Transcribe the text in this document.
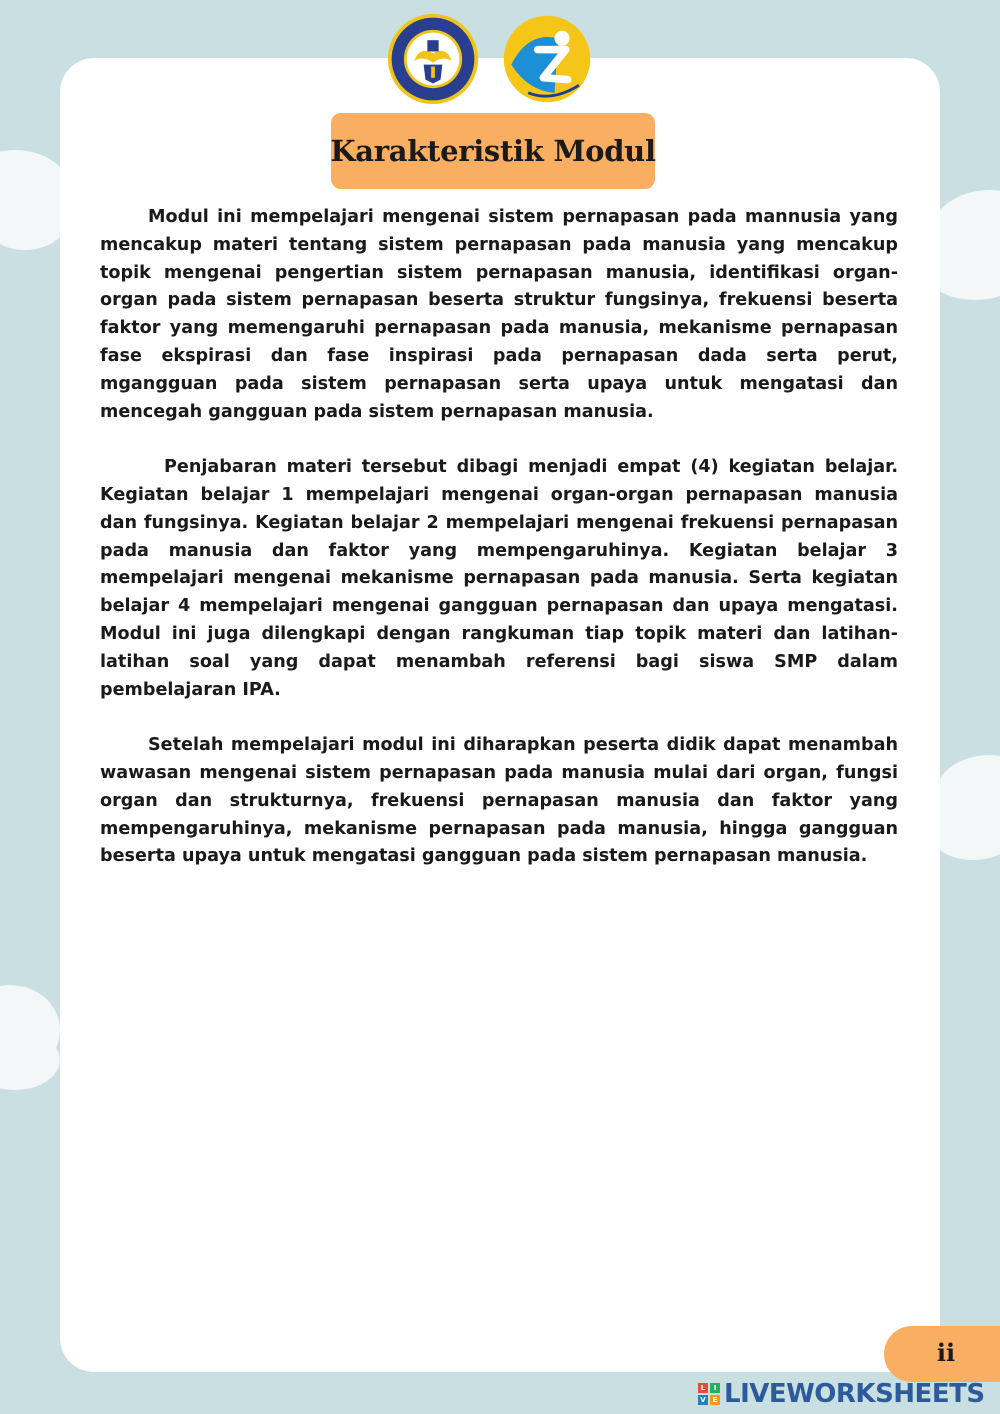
Karakteristik Modul

Modul ini mempelajari mengenai sistem pernapasan pada mannusia yang mencakup materi tentang sistem pernapasan pada manusia yang mencakup topik mengenai pengertian sistem pernapasan manusia, identifikasi organ-organ pada sistem pernapasan beserta struktur fungsinya, frekuensi beserta faktor yang memengaruhi pernapasan pada manusia, mekanisme pernapasan fase ekspirasi dan fase inspirasi pada pernapasan dada serta perut, mgangguan pada sistem pernapasan serta upaya untuk mengatasi dan mencegah gangguan pada sistem pernapasan manusia.

Penjabaran materi tersebut dibagi menjadi empat (4) kegiatan belajar. Kegiatan belajar 1 mempelajari mengenai organ-organ pernapasan manusia dan fungsinya. Kegiatan belajar 2 mempelajari mengenai frekuensi pernapasan pada manusia dan faktor yang mempengaruhinya. Kegiatan belajar 3 mempelajari mengenai mekanisme pernapasan pada manusia. Serta kegiatan belajar 4 mempelajari mengenai gangguan pernapasan dan upaya mengatasi. Modul ini juga dilengkapi dengan rangkuman tiap topik materi dan latihan-latihan soal yang dapat menambah referensi bagi siswa SMP dalam pembelajaran IPA.

Setelah mempelajari modul ini diharapkan peserta didik dapat menambah wawasan mengenai sistem pernapasan pada manusia mulai dari organ, fungsi organ dan strukturnya, frekuensi pernapasan manusia dan faktor yang mempengaruhinya, mekanisme pernapasan pada manusia, hingga gangguan beserta upaya untuk mengatasi gangguan pada sistem pernapasan manusia.

ii
L	I
V E LIVEWORKSHEETS
